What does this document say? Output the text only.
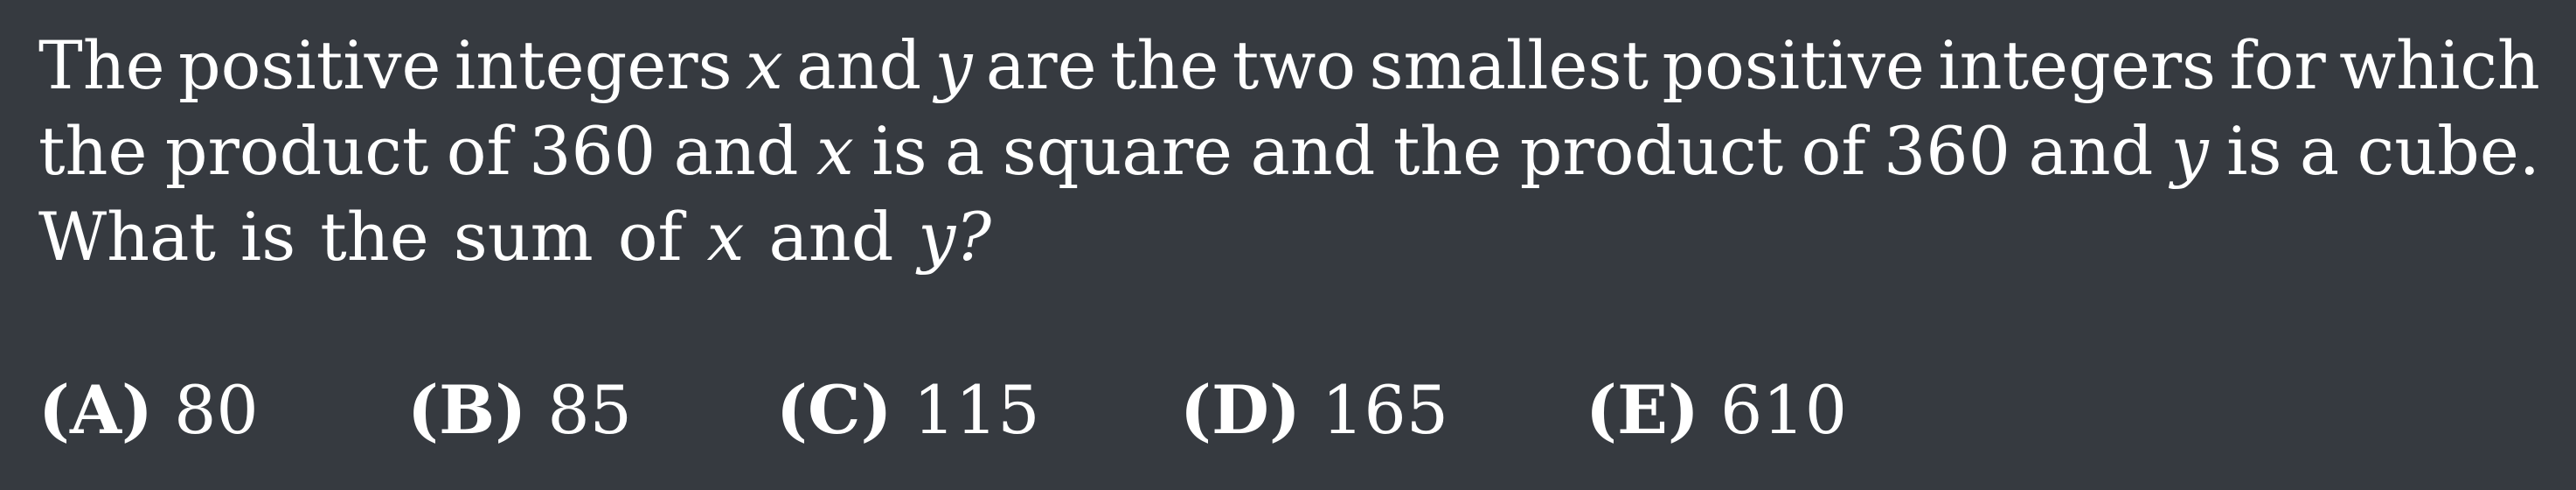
The positive integers x and y are the two smallest positive integers for which
the product of 360 and x is a square and the product of 360 and y is a cube.
What is the sum of x and y?
(A) 80 (B) 85 (C) 115 (D) 165 (E) 610
